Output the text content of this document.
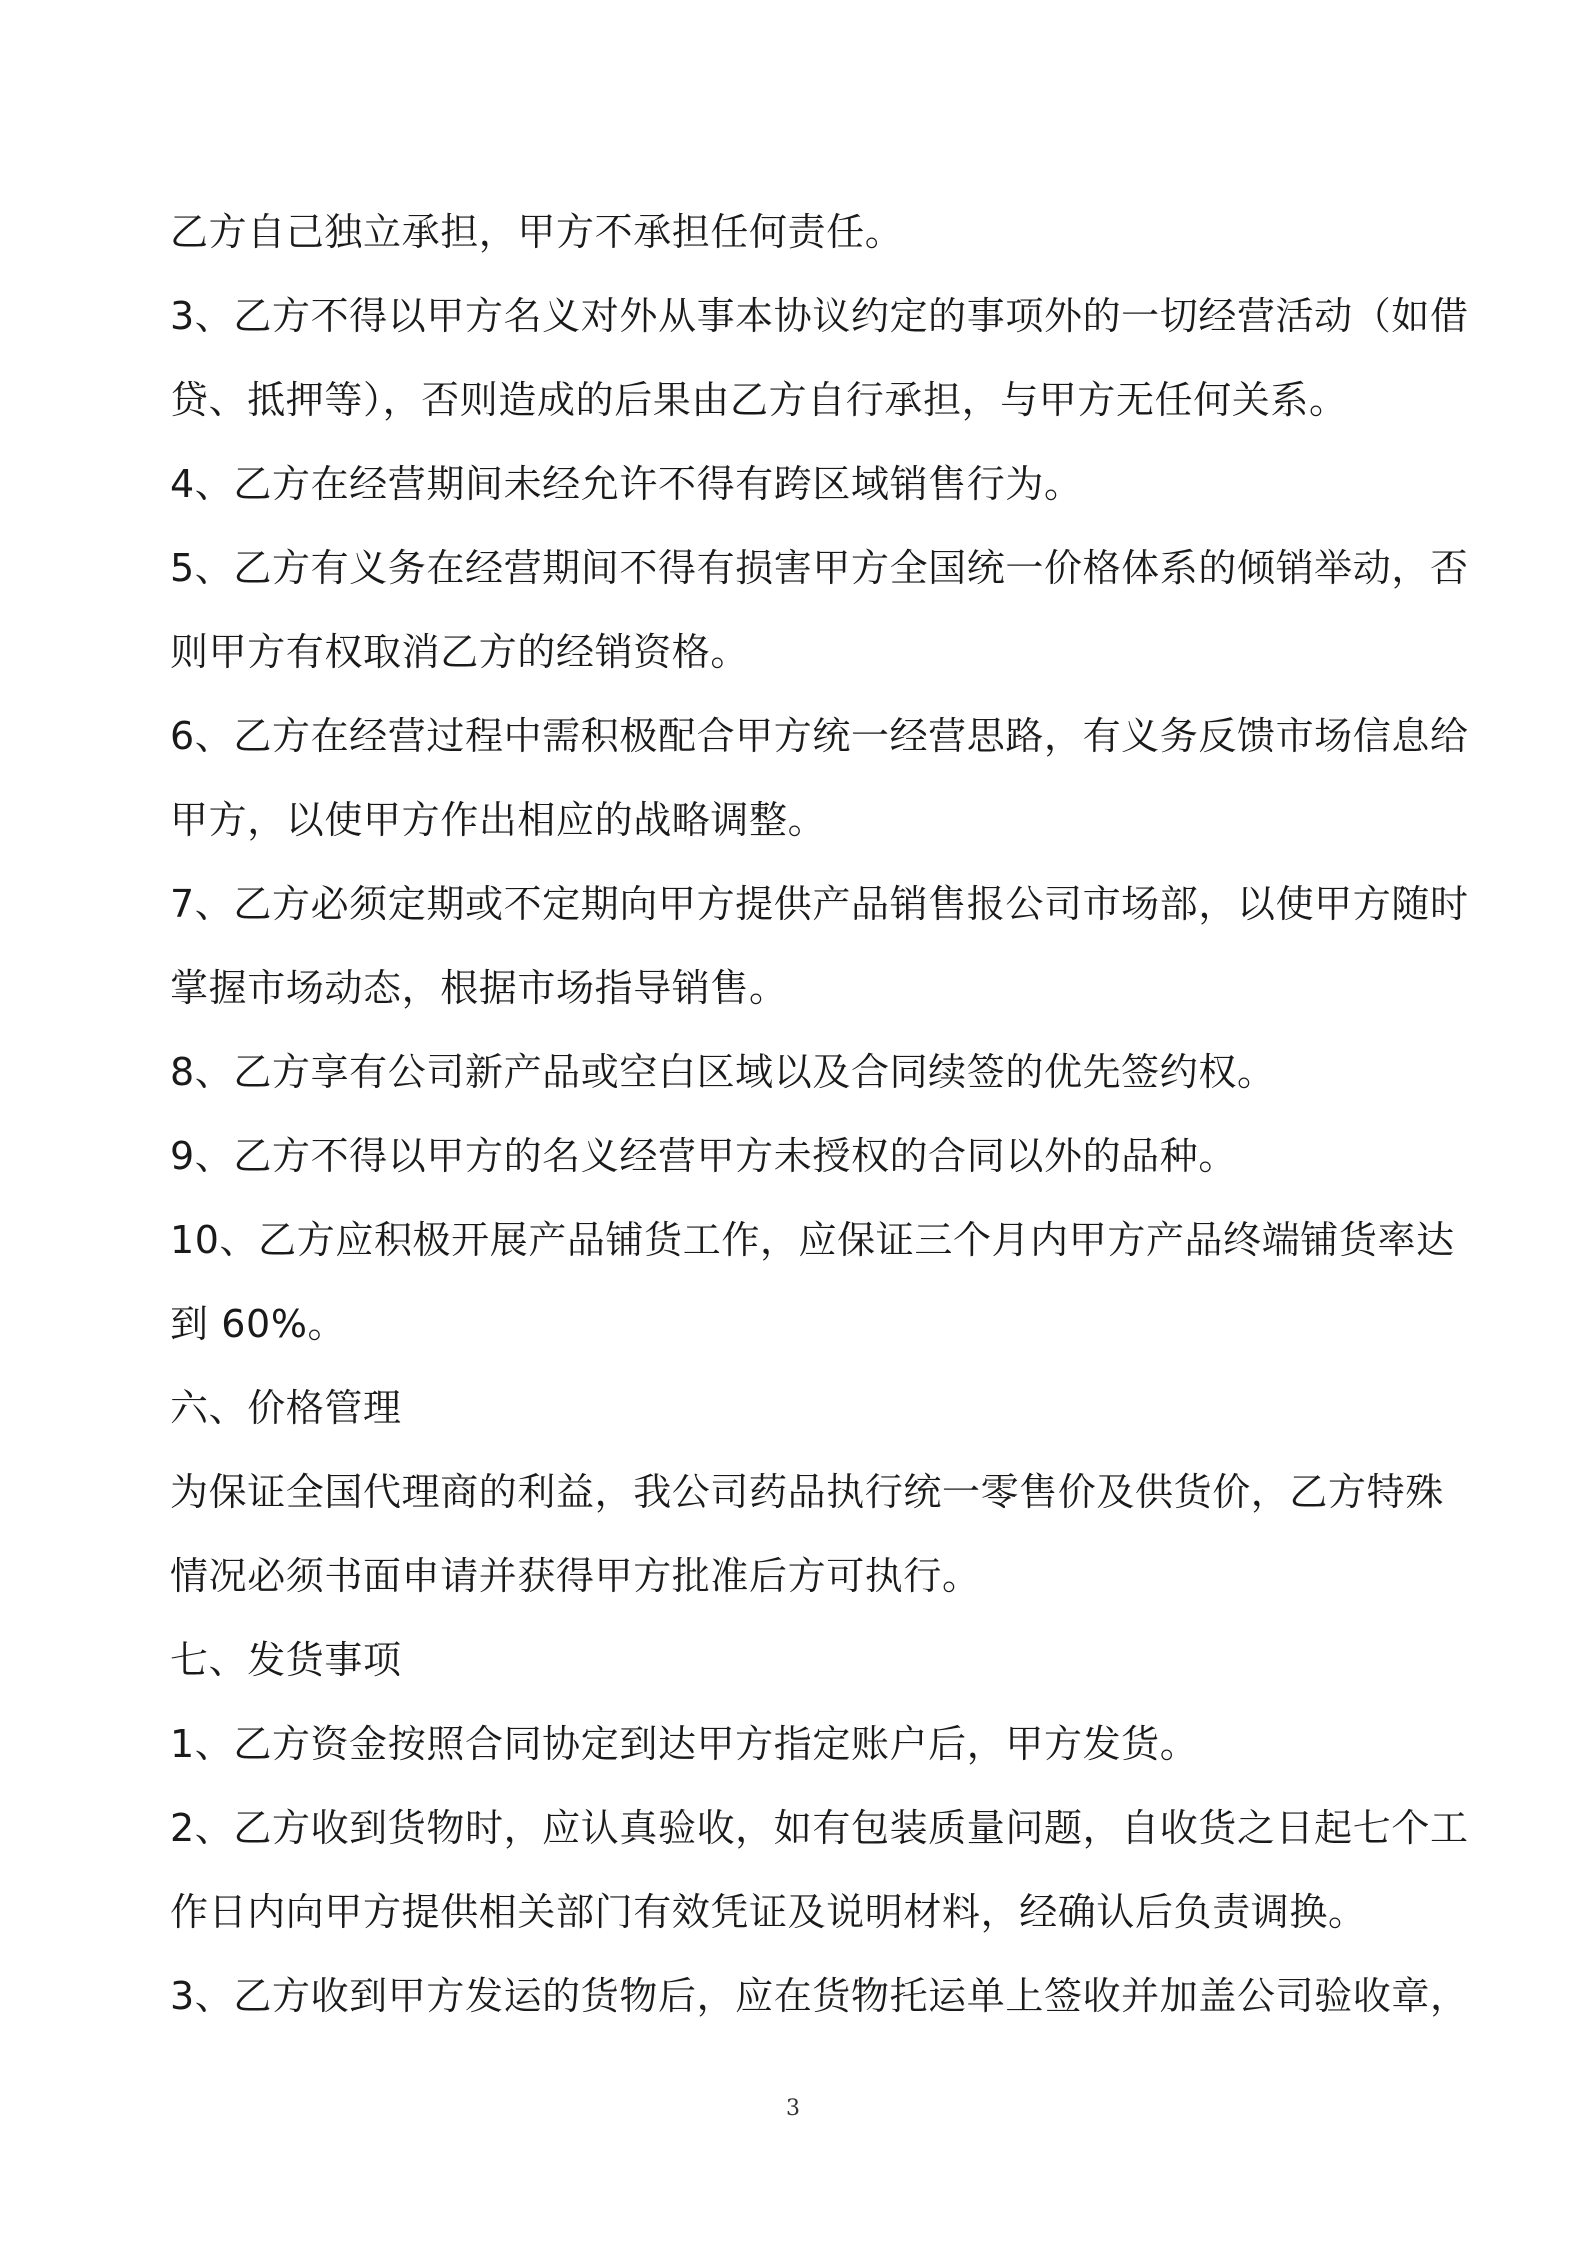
乙方自己独立承担，甲方不承担任何责任。
3、乙方不得以甲方名义对外从事本协议约定的事项外的一切经营活动（如借
贷、抵押等），否则造成的后果由乙方自行承担，与甲方无任何关系。
4、乙方在经营期间未经允许不得有跨区域销售行为。
5、乙方有义务在经营期间不得有损害甲方全国统一价格体系的倾销举动，否
则甲方有权取消乙方的经销资格。
6、乙方在经营过程中需积极配合甲方统一经营思路，有义务反馈市场信息给
甲方，以使甲方作出相应的战略调整。
7、乙方必须定期或不定期向甲方提供产品销售报公司市场部，以使甲方随时
掌握市场动态，根据市场指导销售。
8、乙方享有公司新产品或空白区域以及合同续签的优先签约权。
9、乙方不得以甲方的名义经营甲方未授权的合同以外的品种。
10、乙方应积极开展产品铺货工作，应保证三个月内甲方产品终端铺货率达
到 60%。
六、价格管理
为保证全国代理商的利益，我公司药品执行统一零售价及供货价，乙方特殊
情况必须书面申请并获得甲方批准后方可执行。
七、发货事项
1、乙方资金按照合同协定到达甲方指定账户后，甲方发货。
2、乙方收到货物时，应认真验收，如有包装质量问题，自收货之日起七个工
作日内向甲方提供相关部门有效凭证及说明材料，经确认后负责调换。
3、乙方收到甲方发运的货物后，应在货物托运单上签收并加盖公司验收章，
3
